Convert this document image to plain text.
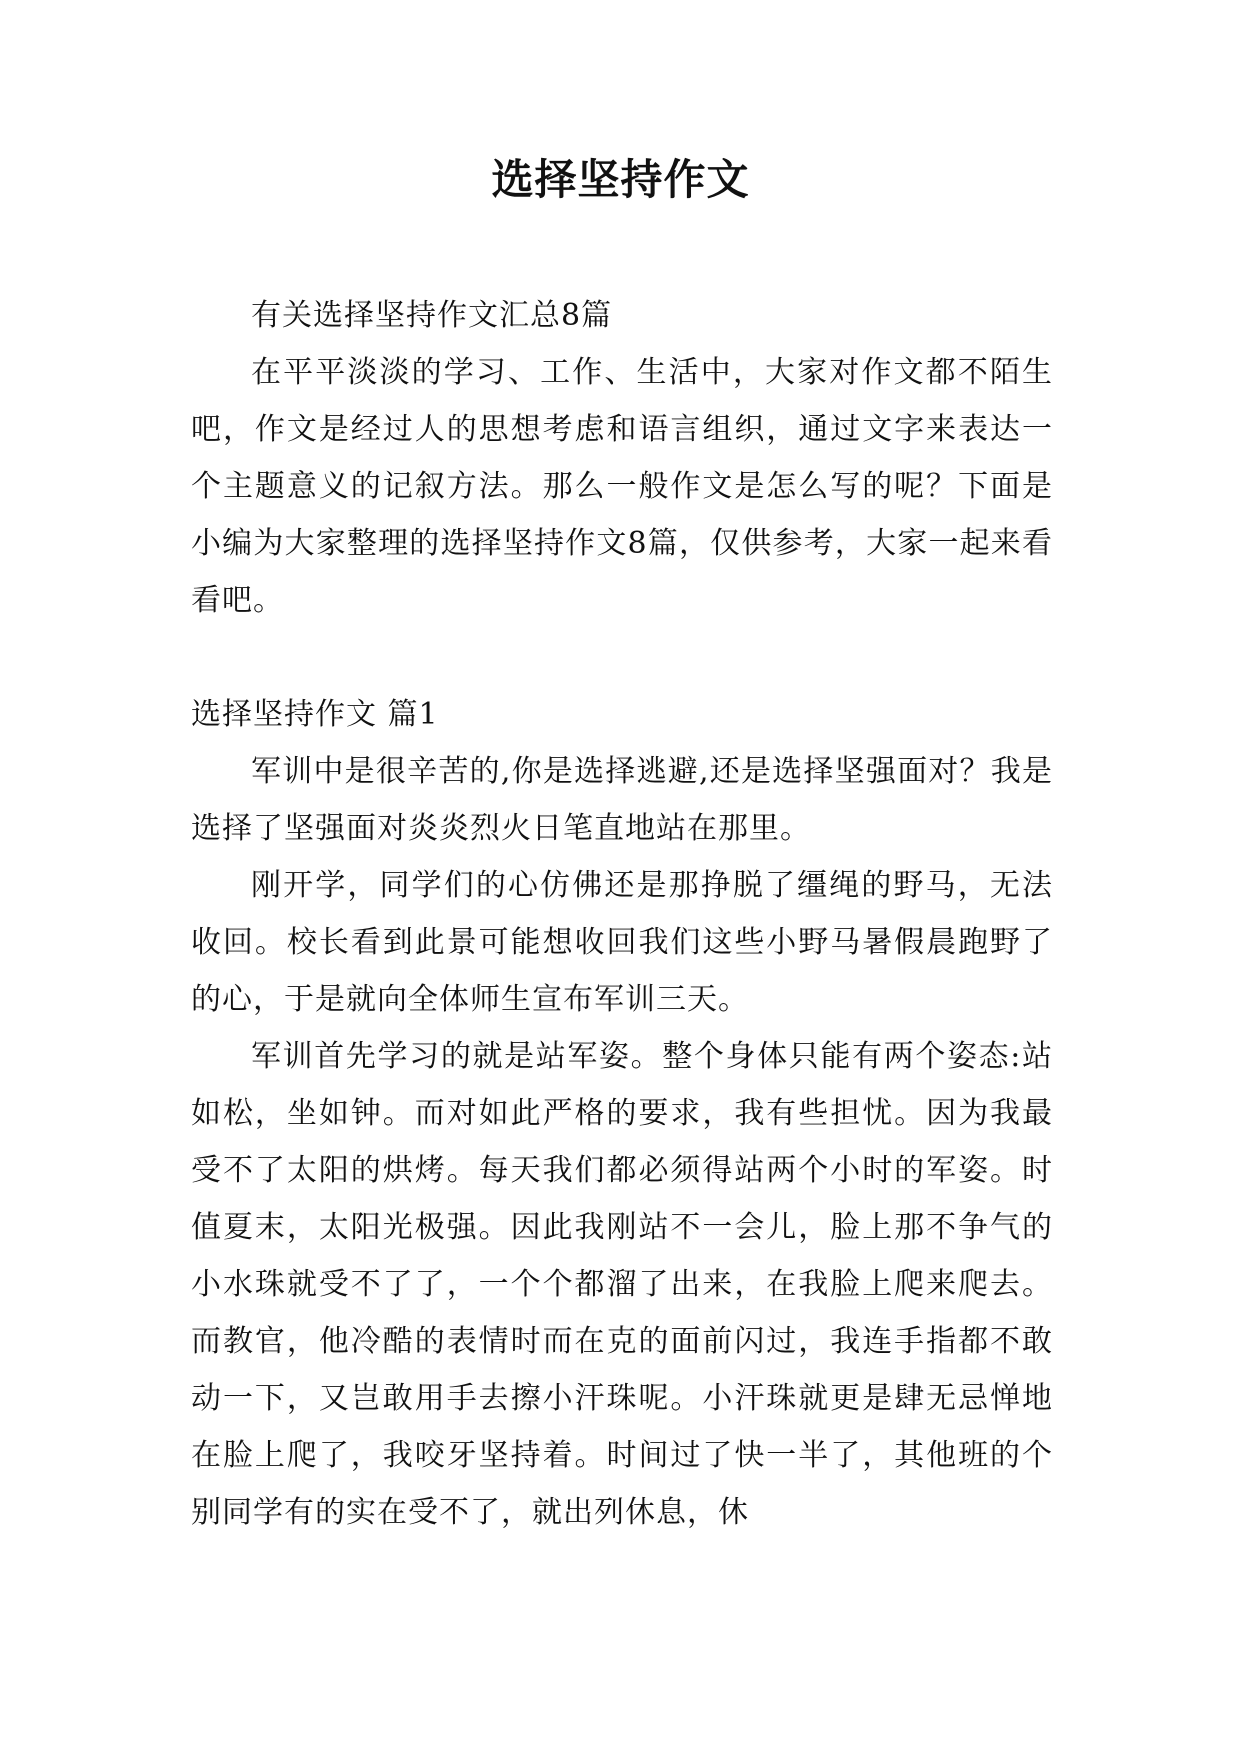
选择坚持作文

有关选择坚持作文汇总8篇

在平平淡淡的学习、工作、生活中，大家对作文都不陌生吧，作文是经过人的思想考虑和语言组织，通过文字来表达一个主题意义的记叙方法。那么一般作文是怎么写的呢？下面是小编为大家整理的选择坚持作文8篇，仅供参考，大家一起来看看吧。

选择坚持作文 篇1

军训中是很辛苦的,你是选择逃避,还是选择坚强面对？我是选择了坚强面对炎炎烈火日笔直地站在那里。

刚开学，同学们的心仿佛还是那挣脱了缰绳的野马，无法收回。校长看到此景可能想收回我们这些小野马暑假晨跑野了的心，于是就向全体师生宣布军训三天。

军训首先学习的就是站军姿。整个身体只能有两个姿态:站如松，坐如钟。而对如此严格的要求，我有些担忧。因为我最受不了太阳的烘烤。每天我们都必须得站两个小时的军姿。时值夏末，太阳光极强。因此我刚站不一会儿，脸上那不争气的小水珠就受不了了，一个个都溜了出来，在我脸上爬来爬去。而教官，他冷酷的表情时而在克的面前闪过，我连手指都不敢动一下，又岂敢用手去擦小汗珠呢。小汗珠就更是肆无忌惮地在脸上爬了，我咬牙坚持着。时间过了快一半了，其他班的个别同学有的实在受不了，就出列休息，休
